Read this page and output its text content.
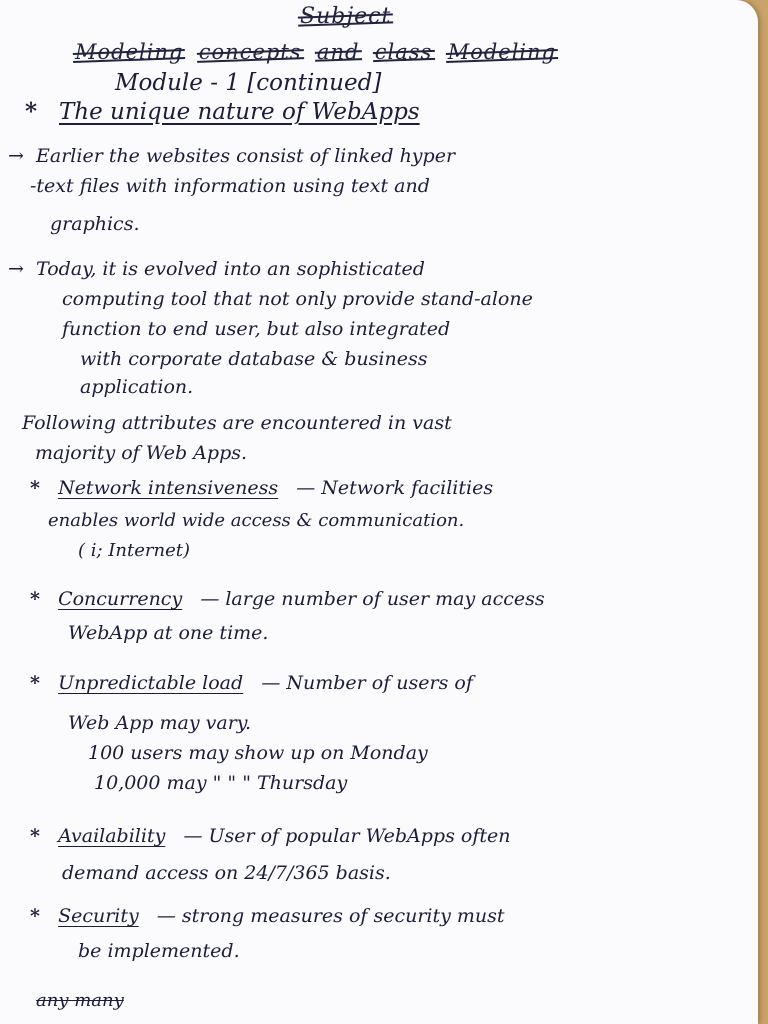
Subject
Modeling concepts and class Modeling
Module - 1 [continued]
* The unique nature of WebApps
→ Earlier the websites consist of linked hyper
-text files with information using text and
graphics.
→ Today, it is evolved into an sophisticated
computing tool that not only provide stand-alone
function to end user, but also integrated
with corporate database & business
application.
Following attributes are encountered in vast
majority of Web Apps.
* Network intensiveness — Network facilities
enables world wide access & communication.
( i; Internet)
* Concurrency — large number of user may access
WebApp at one time.
* Unpredictable load — Number of users of
Web App may vary.
100 users may show up on Monday
10,000 may " " " Thursday
* Availability — User of popular WebApps often
demand access on 24/7/365 basis.
* Security — strong measures of security must
be implemented.
any many
